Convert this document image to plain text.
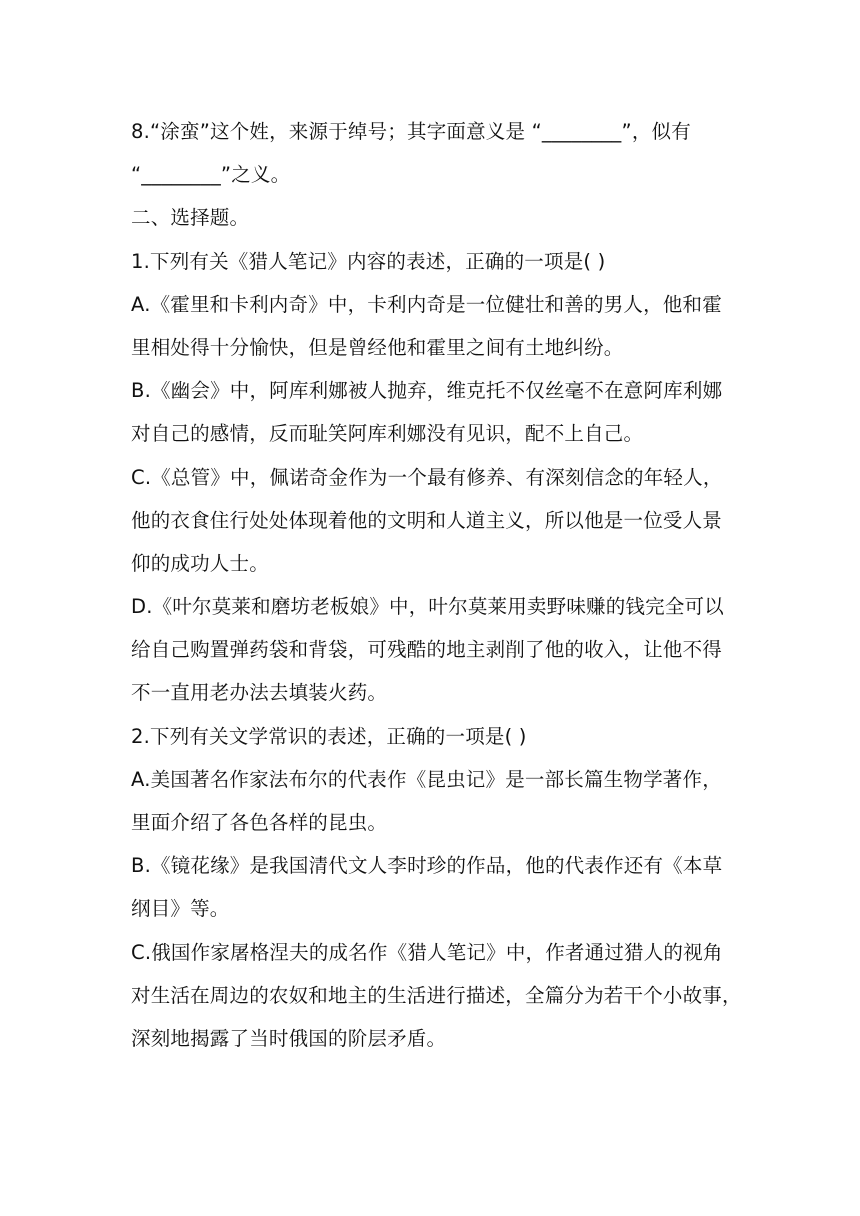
8.“涂蛮”这个姓，来源于绰号；其字面意义是 “________”，似有
“________”之义。
二、选择题。
1.下列有关《猎人笔记》内容的表述，正确的一项是( )
A.《霍里和卡利内奇》中，卡利内奇是一位健壮和善的男人，他和霍
里相处得十分愉快，但是曾经他和霍里之间有土地纠纷。
B.《幽会》中，阿库利娜被人抛弃，维克托不仅丝毫不在意阿库利娜
对自己的感情，反而耻笑阿库利娜没有见识，配不上自己。
C.《总管》中，佩诺奇金作为一个最有修养、有深刻信念的年轻人，
他的衣食住行处处体现着他的文明和人道主义，所以他是一位受人景
仰的成功人士。
D.《叶尔莫莱和磨坊老板娘》中，叶尔莫莱用卖野味赚的钱完全可以
给自己购置弹药袋和背袋，可残酷的地主剥削了他的收入，让他不得
不一直用老办法去填装火药。
2.下列有关文学常识的表述，正确的一项是( )
A.美国著名作家法布尔的代表作《昆虫记》是一部长篇生物学著作，
里面介绍了各色各样的昆虫。
B.《镜花缘》是我国清代文人李时珍的作品，他的代表作还有《本草
纲目》等。
C.俄国作家屠格涅夫的成名作《猎人笔记》中，作者通过猎人的视角
对生活在周边的农奴和地主的生活进行描述，全篇分为若干个小故事，
深刻地揭露了当时俄国的阶层矛盾。
